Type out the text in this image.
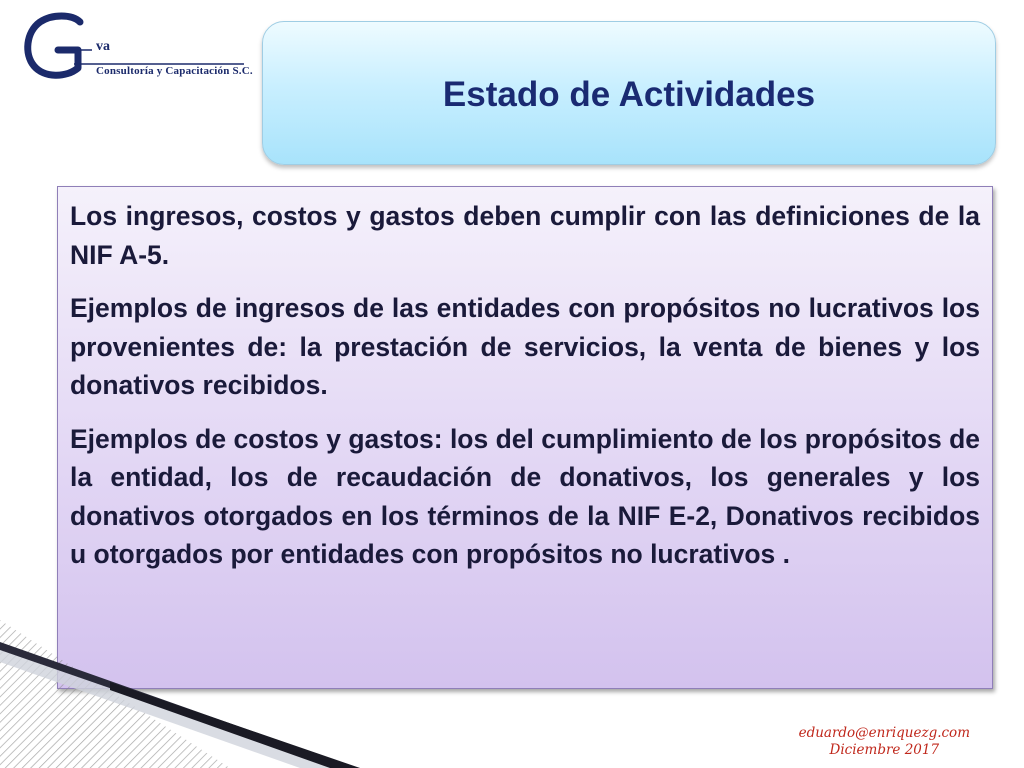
va
Consultoría y Capacitación S.C.
Estado de Actividades

Los ingresos, costos y gastos deben cumplir con las definiciones de la NIF A-5.

Ejemplos de ingresos de las entidades con propósitos no lucrativos los provenientes de: la prestación de servicios, la venta de bienes y los donativos recibidos.

Ejemplos de costos y gastos: los del cumplimiento de los propósitos de la entidad, los de recaudación de donativos, los generales y los donativos otorgados en los términos de la NIF E-2, Donativos recibidos u otorgados por entidades con propósitos no lucrativos .

eduardo@enriquezg.com
Diciembre 2017
